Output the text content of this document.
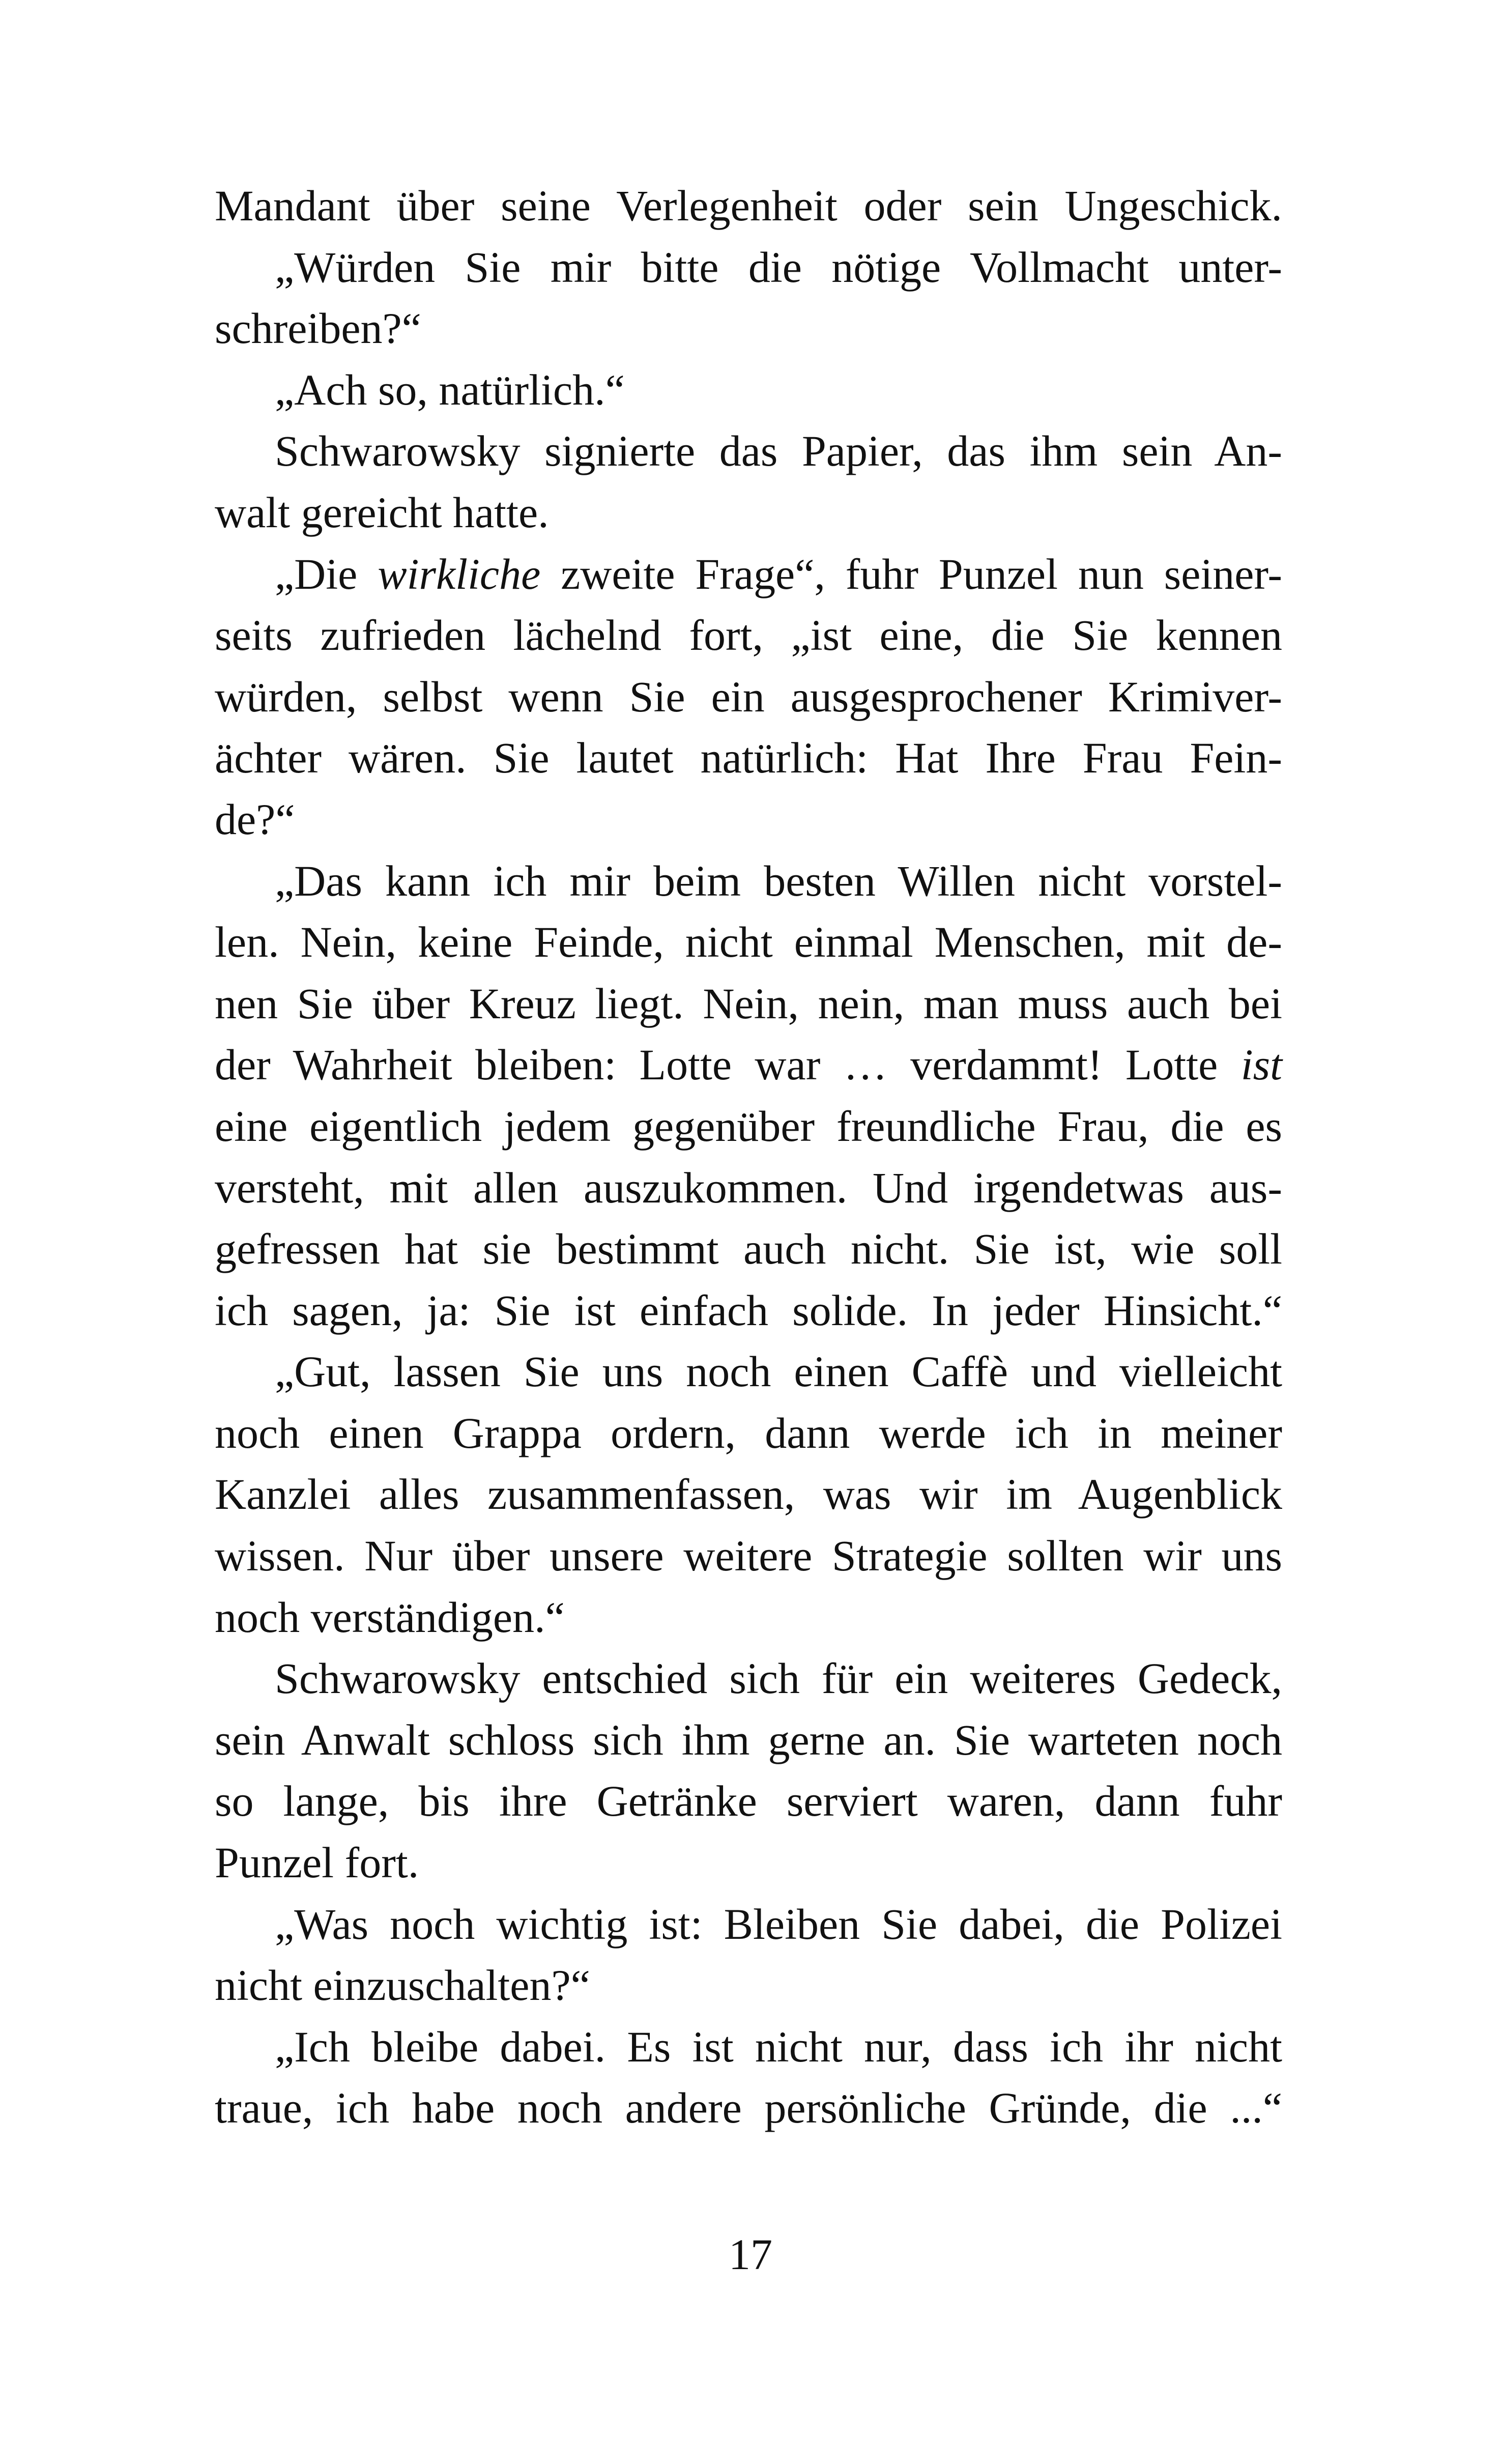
Mandant über seine Verlegenheit oder sein Ungeschick.
„Würden Sie mir bitte die nötige Vollmacht unter-
schreiben?“
„Ach so, natürlich.“
Schwarowsky signierte das Papier, das ihm sein An-
walt gereicht hatte.
„Die wirkliche zweite Frage“, fuhr Punzel nun seiner-
seits zufrieden lächelnd fort, „ist eine, die Sie kennen
würden, selbst wenn Sie ein ausgesprochener Krimiver-
ächter wären. Sie lautet natürlich: Hat Ihre Frau Fein-
de?“
„Das kann ich mir beim besten Willen nicht vorstel-
len. Nein, keine Feinde, nicht einmal Menschen, mit de-
nen Sie über Kreuz liegt. Nein, nein, man muss auch bei
der Wahrheit bleiben: Lotte war … verdammt! Lotte ist
eine eigentlich jedem gegenüber freundliche Frau, die es
versteht, mit allen auszukommen. Und irgendetwas aus-
gefressen hat sie bestimmt auch nicht. Sie ist, wie soll
ich sagen, ja: Sie ist einfach solide. In jeder Hinsicht.“
„Gut, lassen Sie uns noch einen Caffè und vielleicht
noch einen Grappa ordern, dann werde ich in meiner
Kanzlei alles zusammenfassen, was wir im Augenblick
wissen. Nur über unsere weitere Strategie sollten wir uns
noch verständigen.“
Schwarowsky entschied sich für ein weiteres Gedeck,
sein Anwalt schloss sich ihm gerne an. Sie warteten noch
so lange, bis ihre Getränke serviert waren, dann fuhr
Punzel fort.
„Was noch wichtig ist: Bleiben Sie dabei, die Polizei
nicht einzuschalten?“
„Ich bleibe dabei. Es ist nicht nur, dass ich ihr nicht
traue, ich habe noch andere persönliche Gründe, die ...“
17
